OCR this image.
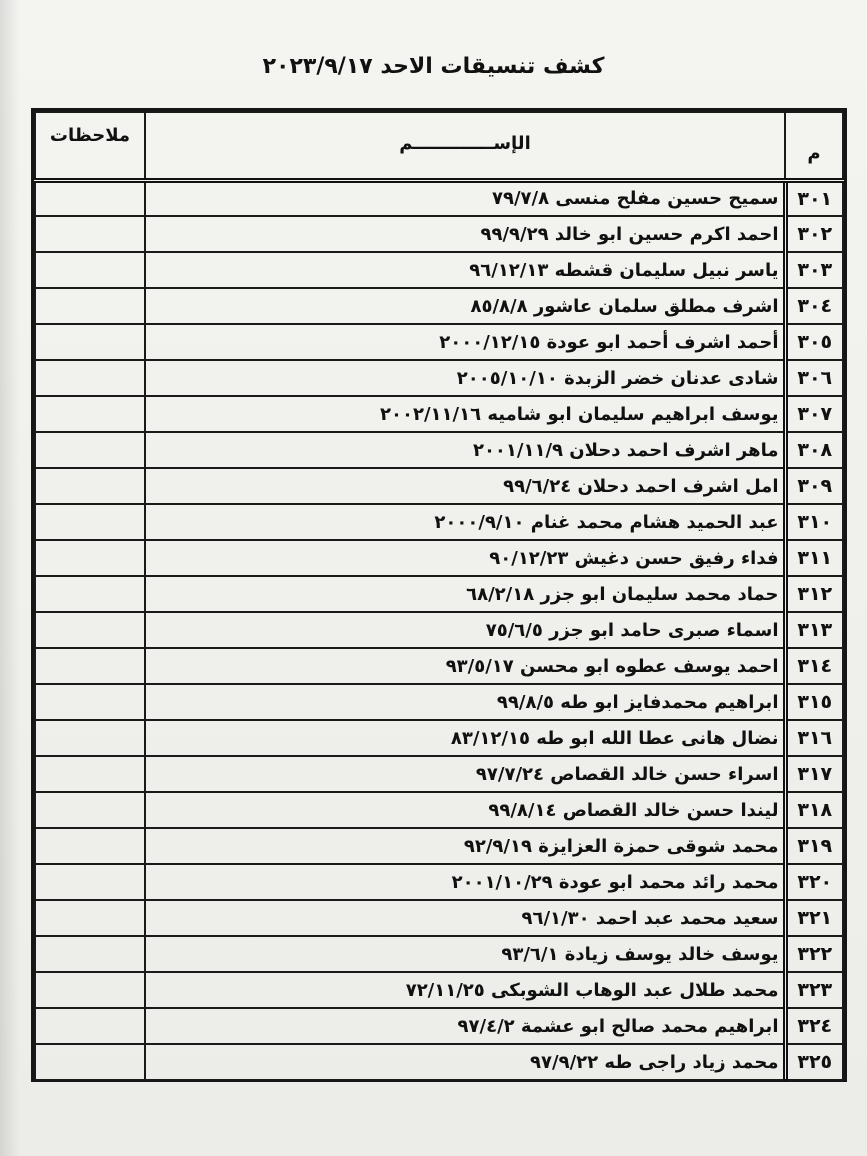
كشف تنسيقات الاحد ٢٠٢٣/٩/١٧
م	الإســـــــــــــم	ملاحظات
٣٠١	سميح حسين مفلح منسى ٧٩/٧/٨	
٣٠٢	احمد اكرم حسين ابو خالد ٩٩/٩/٢٩	
٣٠٣	ياسر نبيل سليمان قشطه ٩٦/١٢/١٣	
٣٠٤	اشرف مطلق سلمان عاشور ٨٥/٨/٨	
٣٠٥	أحمد اشرف أحمد ابو عودة ٢٠٠٠/١٢/١٥	
٣٠٦	شادى عدنان خضر الزبدة ٢٠٠٥/١٠/١٠	
٣٠٧	يوسف ابراهيم سليمان ابو شاميه ٢٠٠٢/١١/١٦	
٣٠٨	ماهر اشرف احمد دحلان ٢٠٠١/١١/٩	
٣٠٩	امل اشرف احمد دحلان ٩٩/٦/٢٤	
٣١٠	عبد الحميد هشام محمد غنام ٢٠٠٠/٩/١٠	
٣١١	فداء رفيق حسن دغيش ٩٠/١٢/٢٣	
٣١٢	حماد محمد سليمان ابو جزر ٦٨/٢/١٨	
٣١٣	اسماء صبرى حامد ابو جزر ٧٥/٦/٥	
٣١٤	احمد يوسف عطوه ابو محسن ٩٣/٥/١٧	
٣١٥	ابراهيم محمدفايز ابو طه ٩٩/٨/٥	
٣١٦	نضال هانى عطا الله ابو طه ٨٣/١٢/١٥	
٣١٧	اسراء حسن خالد القصاص ٩٧/٧/٢٤	
٣١٨	ليندا حسن خالد القصاص ٩٩/٨/١٤	
٣١٩	محمد شوقى حمزة العزايزة ٩٢/٩/١٩	
٣٢٠	محمد رائد محمد ابو عودة ٢٠٠١/١٠/٢٩	
٣٢١	سعيد محمد عبد احمد ٩٦/١/٣٠	
٣٢٢	يوسف خالد يوسف زيادة ٩٣/٦/١	
٣٢٣	محمد طلال عبد الوهاب الشوبكى ٧٢/١١/٢٥	
٣٢٤	ابراهيم محمد صالح ابو عشمة ٩٧/٤/٢	
٣٢٥	محمد زياد راجى طه ٩٧/٩/٢٢	
